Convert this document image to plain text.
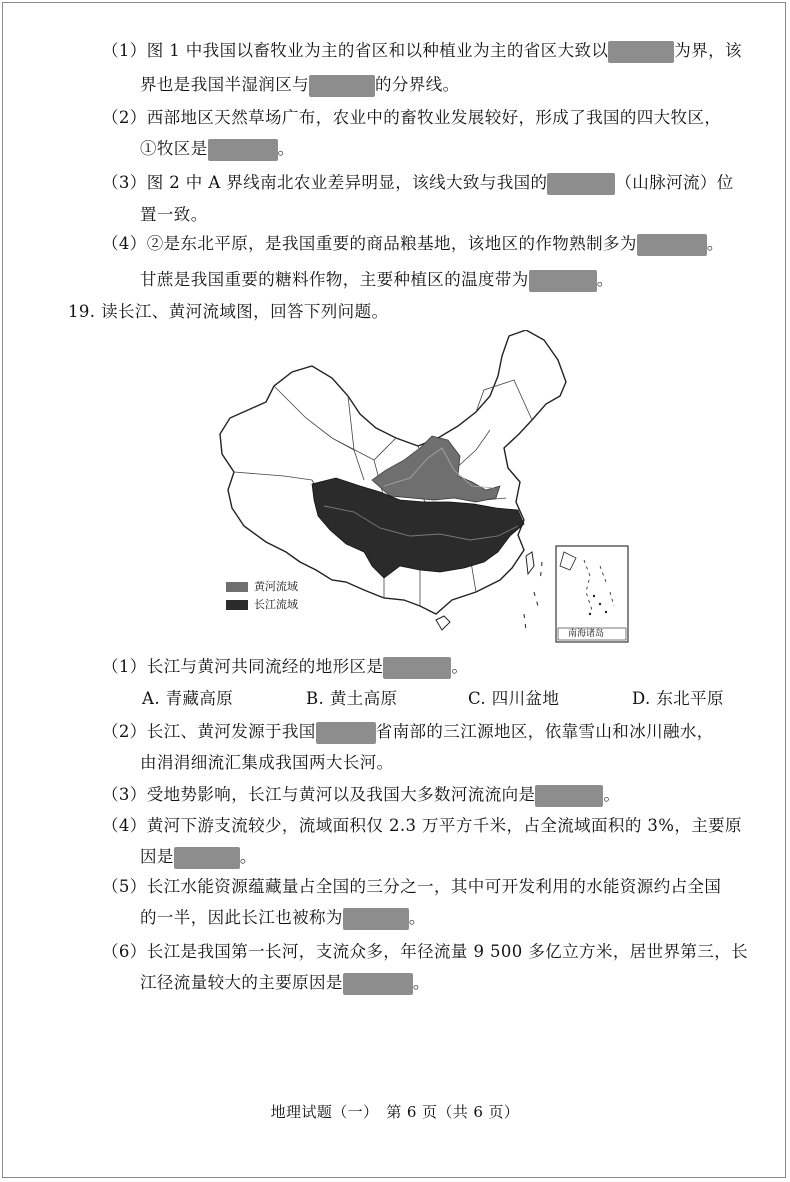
（1）图 1 中我国以畜牧业为主的省区和以种植业为主的省区大致以	为界，该
界也是我国半湿润区与	的分界线。
（2）西部地区天然草场广布，农业中的畜牧业发展较好，形成了我国的四大牧区，
①牧区是	。
（3）图 2 中 A 界线南北农业差异明显，该线大致与我国的	（山脉河流）位
置一致。
（4）②是东北平原，是我国重要的商品粮基地，该地区的作物熟制多为	。
甘蔗是我国重要的糖料作物，主要种植区的温度带为	。
19. 读长江、黄河流域图，回答下列问题。
南海诸岛
黄河流域
长江流域
（1）长江与黄河共同流经的地形区是	。
A. 青藏高原	B. 黄土高原	C. 四川盆地	D. 东北平原
（2）长江、黄河发源于我国	省南部的三江源地区，依靠雪山和冰川融水，
由涓涓细流汇集成我国两大长河。
（3）受地势影响，长江与黄河以及我国大多数河流流向是	。
（4）黄河下游支流较少，流域面积仅 2.3 万平方千米，占全流域面积的 3%，主要原
因是	。
（5）长江水能资源蕴藏量占全国的三分之一，其中可开发利用的水能资源约占全国
的一半，因此长江也被称为	。
（6）长江是我国第一长河，支流众多，年径流量 9 500 多亿立方米，居世界第三，长
江径流量较大的主要原因是	。
地理试题（一）　第 6 页（共 6 页）
